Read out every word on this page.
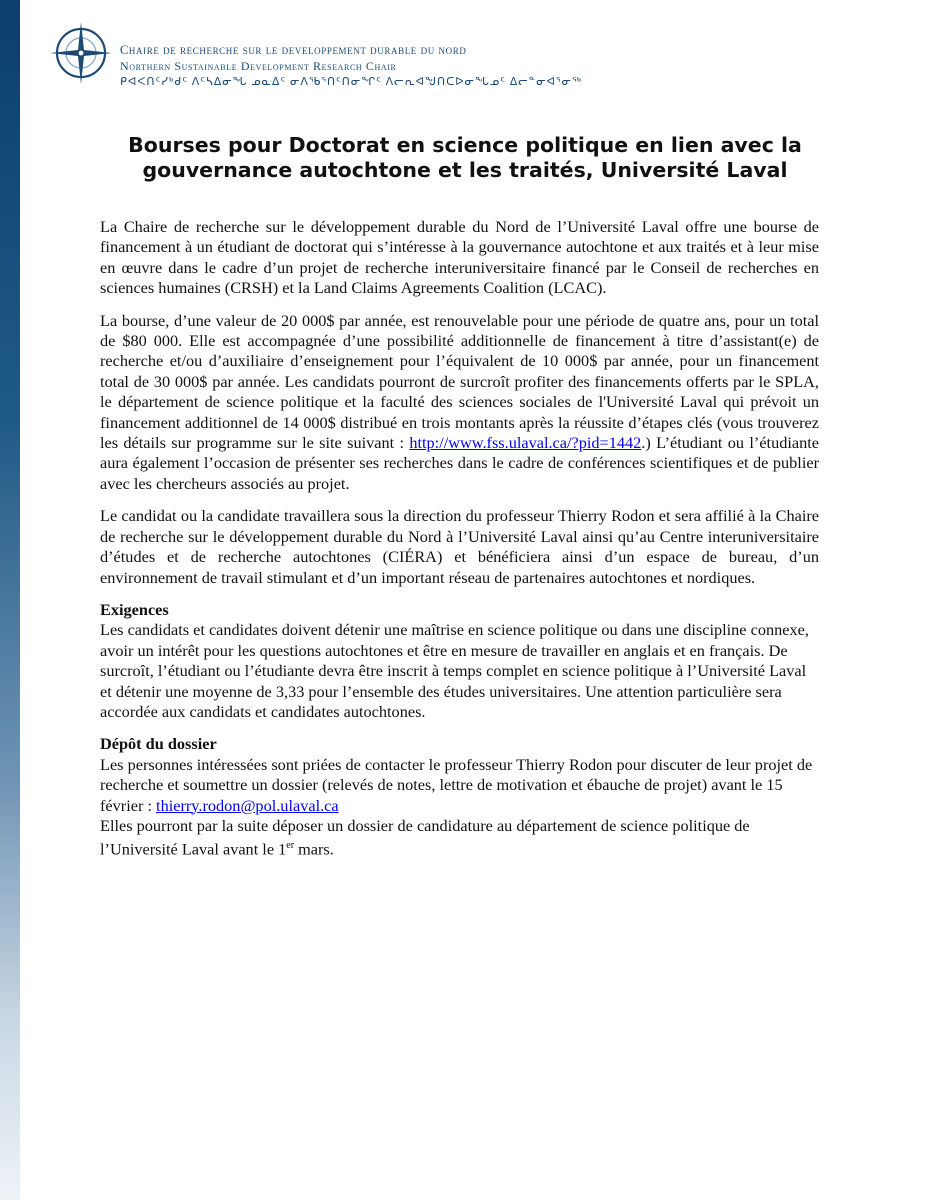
Chaire de recherche sur le developpement durable du nord
Northern Sustainable Development Research Chair
ᑭᐊᐸᑎᑦᓯᒃᑯᑦ ᐱᑦᓴᐃᓂᖓ ᓄᓇᐃᑦ ᓂᐱᖃᕐᑎᑦᑎᓂᖏᑦ ᐱᓕᕆᐊᖑᑎᑕᐅᓂᖓᓄᑦ ᐃᓕᓐᓂᐊᕐᓂᖅ
Bourses pour Doctorat en science politique en lien avec la gouvernance autochtone et les traités, Université Laval

La Chaire de recherche sur le développement durable du Nord de l’Université Laval offre une bourse de financement à un étudiant de doctorat qui s’intéresse à la gouvernance autochtone et aux traités et à leur mise en œuvre dans le cadre d’un projet de recherche interuniversitaire financé par le Conseil de recherches en sciences humaines (CRSH) et la Land Claims Agreements Coalition (LCAC).

La bourse, d’une valeur de 20 000$ par année, est renouvelable pour une période de quatre ans, pour un total de $80 000. Elle est accompagnée d’une possibilité additionnelle de financement à titre d’assistant(e) de recherche et/ou d’auxiliaire d’enseignement pour l’équivalent de 10 000$ par année, pour un financement total de 30 000$ par année. Les candidats pourront de surcroît profiter des financements offerts par le SPLA, le département de science politique et la faculté des sciences sociales de l'Université Laval qui prévoit un financement additionnel de 14 000$ distribué en trois montants après la réussite d’étapes clés (vous trouverez les détails sur programme sur le site suivant : http://www.fss.ulaval.ca/?pid=1442.) L’étudiant ou l’étudiante aura également l’occasion de présenter ses recherches dans le cadre de conférences scientifiques et de publier avec les chercheurs associés au projet.

Le candidat ou la candidate travaillera sous la direction du professeur Thierry Rodon et sera affilié à la Chaire de recherche sur le développement durable du Nord à l’Université Laval ainsi qu’au Centre interuniversitaire d’études et de recherche autochtones (CIÉRA) et bénéficiera ainsi d’un espace de bureau, d’un environnement de travail stimulant et d’un important réseau de partenaires autochtones et nordiques.

Exigences

Les candidats et candidates doivent détenir une maîtrise en science politique ou dans une discipline connexe, avoir un intérêt pour les questions autochtones et être en mesure de travailler en anglais et en français. De surcroît, l’étudiant ou l’étudiante devra être inscrit à temps complet en science politique à l’Université Laval et détenir une moyenne de 3,33 pour l’ensemble des études universitaires. Une attention particulière sera accordée aux candidats et candidates autochtones.

Dépôt du dossier
Les personnes intéressées sont priées de contacter le professeur Thierry Rodon pour discuter de leur projet de recherche et soumettre un dossier (relevés de notes, lettre de motivation et ébauche de projet) avant le 15 février : thierry.rodon@pol.ulaval.ca
Elles pourront par la suite déposer un dossier de candidature au département de science politique de l’Université Laval avant le 1er mars.
